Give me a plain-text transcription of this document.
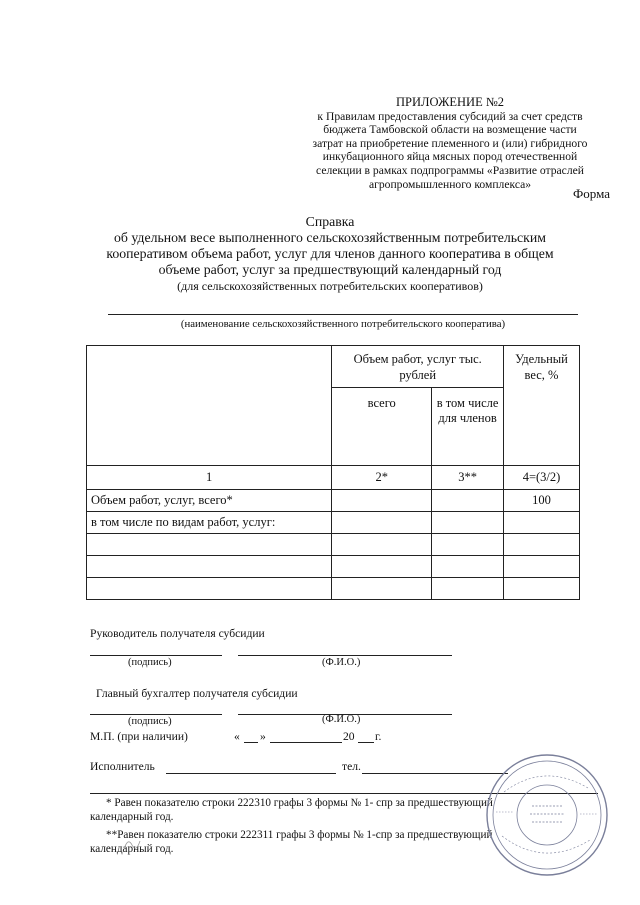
ПРИЛОЖЕНИЕ №2
к Правилам предоставления субсидий за счет средств
бюджета Тамбовской области на возмещение части
затрат на приобретение племенного и (или) гибридного
инкубационного яйца мясных пород отечественной
селекции в рамках подпрограммы «Развитие отраслей
агропромышленного комплекса»
Форма
Справка
об удельном весе выполненного сельскохозяйственным потребительским
кооперативом объема работ, услуг для членов данного кооператива в общем
объеме работ, услуг за предшествующий календарный год
(для сельскохозяйственных потребительских кооперативов)
(наименование сельскохозяйственного потребительского кооператива)
	Объем работ, услуг тыс. рублей		Удельный вес, %
	всего	в том числе для членов	
1	2*	3**	4=(3/2)
Объем работ, услуг, всего*			100
в том числе по видам работ, услуг:			

Руководитель получателя субсидии
(подпись)	(Ф.И.О.)
Главный бухгалтер получателя субсидии
(подпись)	(Ф.И.О.)
М.П. (при наличии)	« »	20 г.
Исполнитель	тел.
* Равен показателю строки 222310 графы 3 формы № 1- спр за предшествующий
календарный год.
**Равен показателю строки 222311 графы 3 формы № 1-спр за предшествующий
календарный год.
